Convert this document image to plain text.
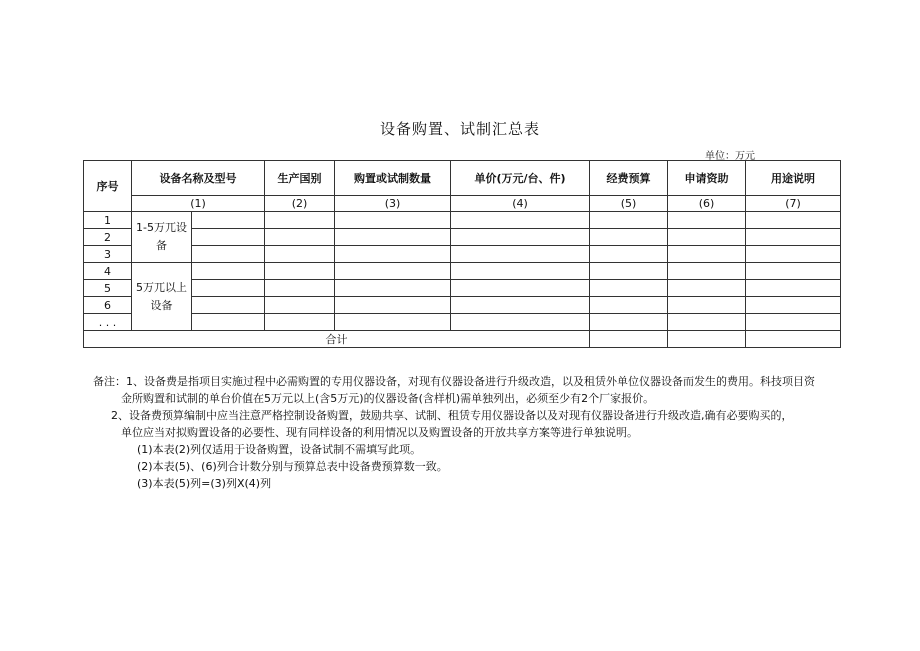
设备购置、试制汇总表
单位：万元
序号	设备名称及型号		生产国别	购置或试制数量	单价(万元/台、件)	经费预算	申请资助	用途说明
	(1)		(2)	(3)	(4)	(5)	(6)	(7)
1	1-5万兀设备							
2								
3								
4	5万兀以上设备							
5								
6								
. . .								
合计								
备注：1、设备费是指项目实施过程中必需购置的专用仪器设备，对现有仪器设备进行升级改造，以及租赁外单位仪器设备而发生的费用。科技项目资
金所购置和试制的单台价值在5万元以上(含5万元)的仪器设备(含样机)需单独列出，必须至少有2个厂家报价。
2、设备费预算编制中应当注意严格控制设备购置，鼓励共享、试制、租赁专用仪器设备以及对现有仪器设备进行升级改造,确有必要购买的，
单位应当对拟购置设备的必要性、现有同样设备的利用情况以及购置设备的开放共享方案等进行单独说明。
(1)本表(2)列仅适用于设备购置，设备试制不需填写此项。
(2)本表(5)、(6)列合计数分别与预算总表中设备费预算数一致。
(3)本表(5)列=(3)列X(4)列
